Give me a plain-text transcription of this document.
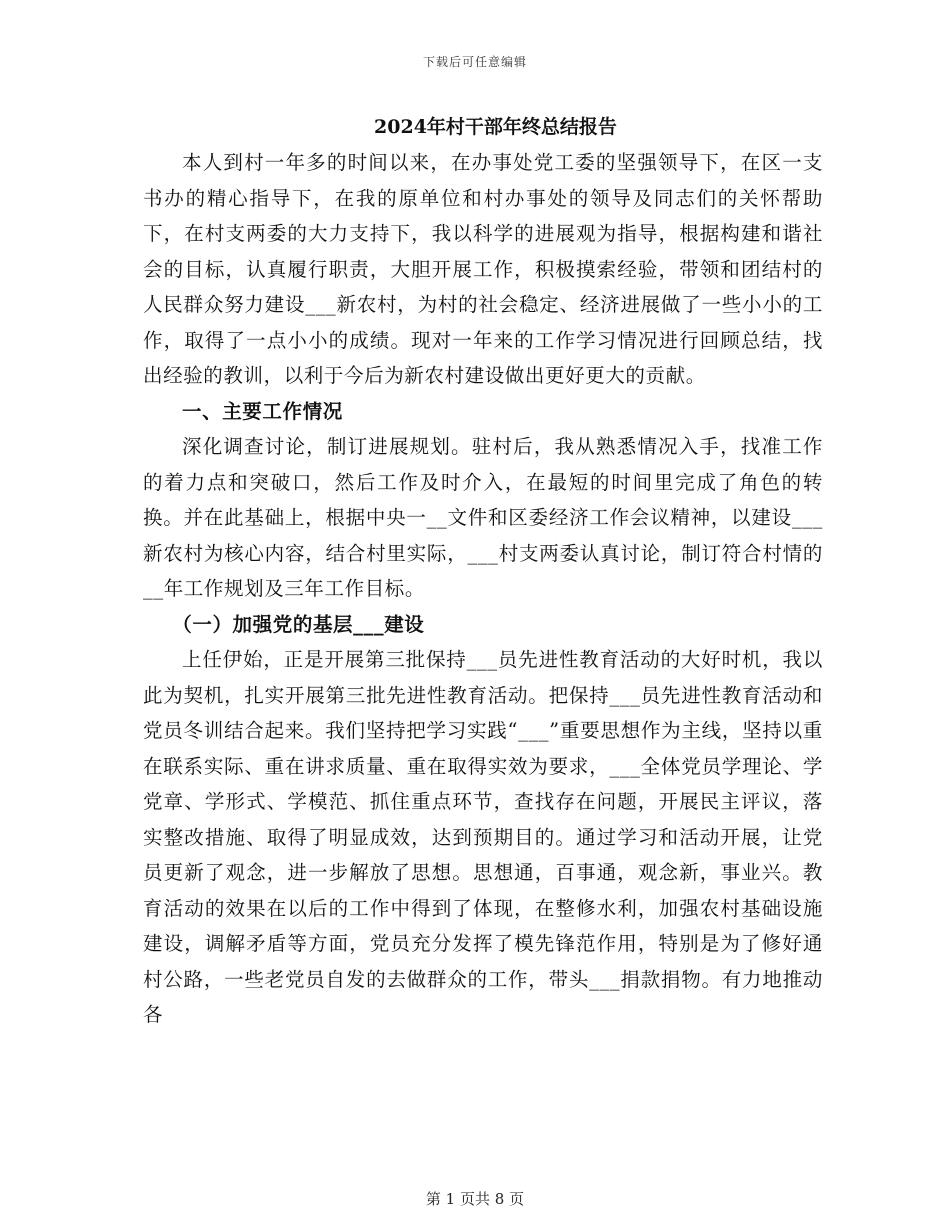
下载后可任意编辑
2024年村干部年终总结报告

本人到村一年多的时间以来，在办事处党工委的坚强领导下，在区一支书办的精心指导下，在我的原单位和村办事处的领导及同志们的关怀帮助下，在村支两委的大力支持下，我以科学的进展观为指导，根据构建和谐社会的目标，认真履行职责，大胆开展工作，积极摸索经验，带领和团结村的人民群众努力建设___新农村，为村的社会稳定、经济进展做了一些小小的工作，取得了一点小小的成绩。现对一年来的工作学习情况进行回顾总结，找出经验的教训，以利于今后为新农村建设做出更好更大的贡献。

一、主要工作情况

深化调查讨论，制订进展规划。驻村后，我从熟悉情况入手，找准工作的着力点和突破口，然后工作及时介入，在最短的时间里完成了角色的转换。并在此基础上，根据中央一__文件和区委经济工作会议精神，以建设___新农村为核心内容，结合村里实际，___村支两委认真讨论，制订符合村情的__年工作规划及三年工作目标。

（一）加强党的基层___建设

上任伊始，正是开展第三批保持___员先进性教育活动的大好时机，我以此为契机，扎实开展第三批先进性教育活动。把保持___员先进性教育活动和党员冬训结合起来。我们坚持把学习实践“___”重要思想作为主线，坚持以重在联系实际、重在讲求质量、重在取得实效为要求，___全体党员学理论、学党章、学形式、学模范、抓住重点环节，查找存在问题，开展民主评议，落实整改措施、取得了明显成效，达到预期目的。通过学习和活动开展，让党员更新了观念，进一步解放了思想。思想通，百事通，观念新，事业兴。教育活动的效果在以后的工作中得到了体现，在整修水利，加强农村基础设施建设，调解矛盾等方面，党员充分发挥了模先锋范作用，特别是为了修好通村公路，一些老党员自发的去做群众的工作，带头___捐款捐物。有力地推动各

第 1 页共 8 页
